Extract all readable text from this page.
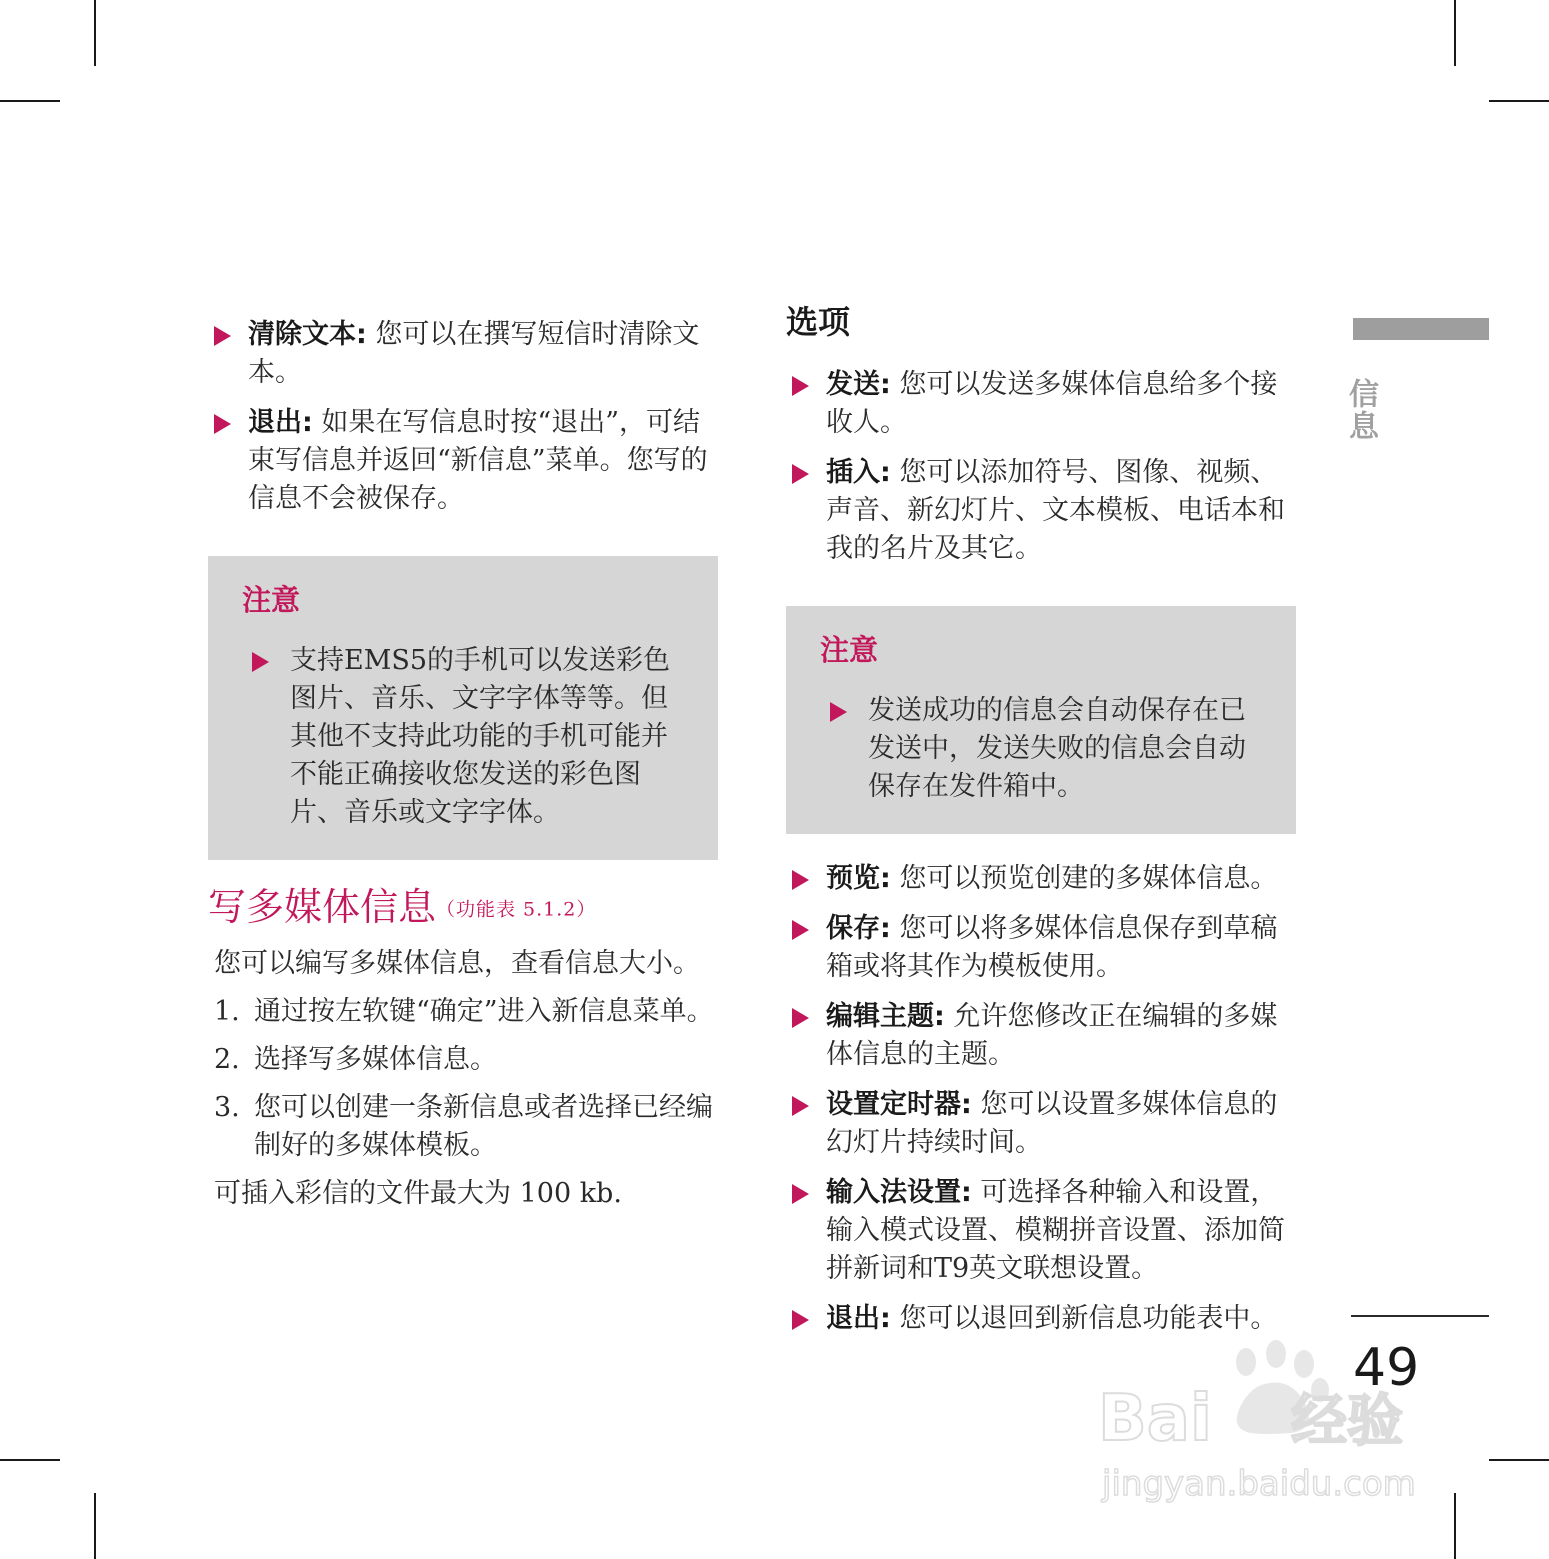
清除文本: 您可以在撰写短信时清除文本。
退出: 如果在写信息时按“退出”，可结束写信息并返回“新信息”菜单。您写的信息不会被保存。
注意
支持EMS5的手机可以发送彩色图片、音乐、文字字体等等。但其他不支持此功能的手机可能并不能正确接收您发送的彩色图片、音乐或文字字体。
写多媒体信息（功能表 5.1.2）
您可以编写多媒体信息，查看信息大小。
1. 通过按左软键“确定”进入新信息菜单。
2. 选择写多媒体信息。
3. 您可以创建一条新信息或者选择已经编制好的多媒体模板。
可插入彩信的文件最大为 100 kb.
选项
发送: 您可以发送多媒体信息给多个接收人。
插入: 您可以添加符号、图像、视频、声音、新幻灯片、文本模板、电话本和我的名片及其它。
注意
发送成功的信息会自动保存在已发送中，发送失败的信息会自动保存在发件箱中。
预览: 您可以预览创建的多媒体信息。
保存: 您可以将多媒体信息保存到草稿箱或将其作为模板使用。
编辑主题: 允许您修改正在编辑的多媒体信息的主题。
设置定时器: 您可以设置多媒体信息的幻灯片持续时间。
输入法设置: 可选择各种输入和设置，输入模式设置、模糊拼音设置、添加简拼新词和T9英文联想设置。
退出: 您可以退回到新信息功能表中。
信息
49
Bai 经验
jingyan.baidu.com
